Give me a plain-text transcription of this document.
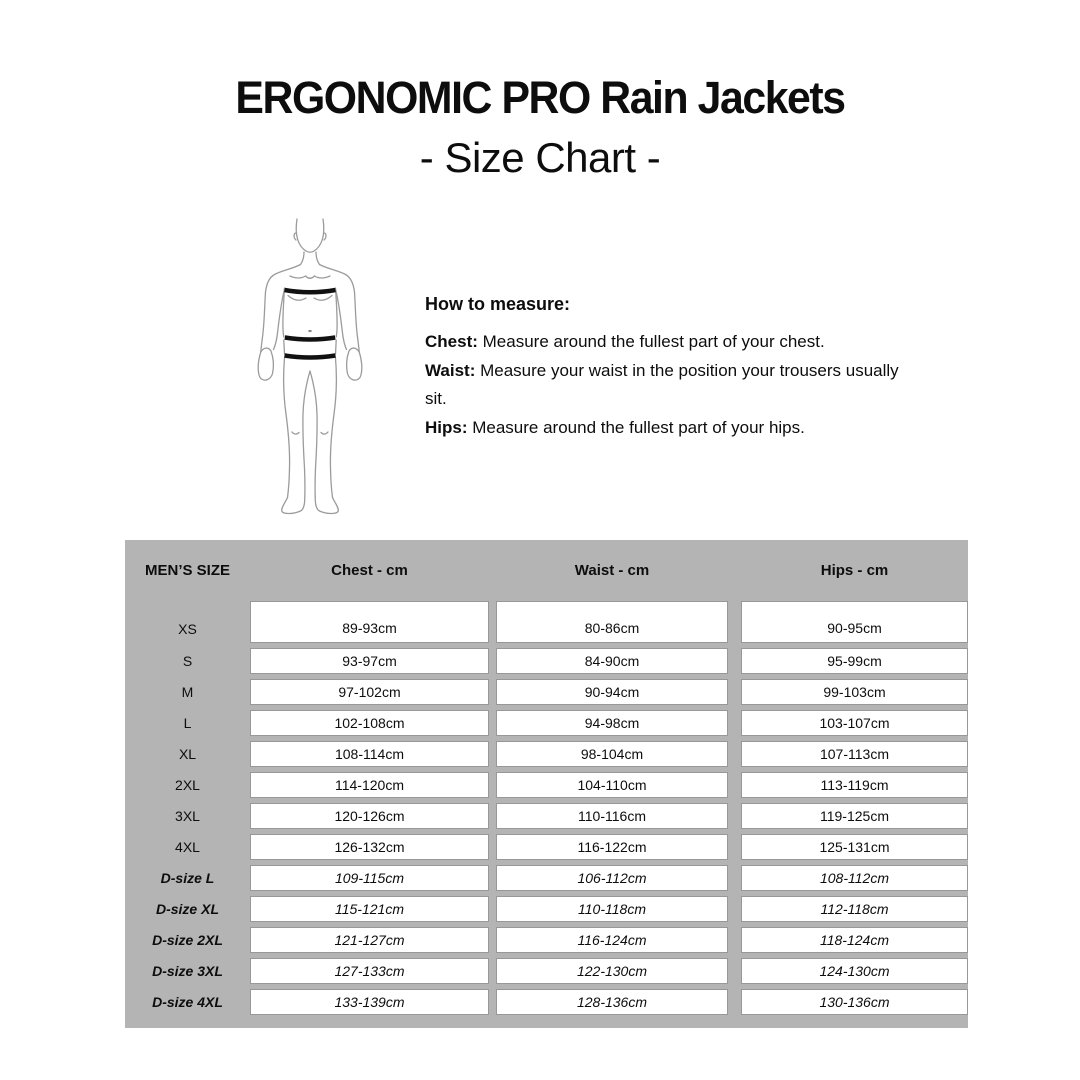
ERGONOMIC PRO Rain Jackets
- Size Chart -
How to measure:
Chest: Measure around the fullest part of your chest.
Waist: Measure your waist in the position your trousers usually sit.
Hips: Measure around the fullest part of your hips.
MEN’S SIZE	Chest - cm	Waist - cm	Hips - cm
XS	89-93cm	80-86cm	90-95cm
S	93-97cm	84-90cm	95-99cm
M	97-102cm	90-94cm	99-103cm
L	102-108cm	94-98cm	103-107cm
XL	108-114cm	98-104cm	107-113cm
2XL	114-120cm	104-110cm	113-119cm
3XL	120-126cm	110-116cm	119-125cm
4XL	126-132cm	116-122cm	125-131cm
D-size L	109-115cm	106-112cm	108-112cm
D-size XL	115-121cm	110-118cm	112-118cm
D-size 2XL	121-127cm	116-124cm	118-124cm
D-size 3XL	127-133cm	122-130cm	124-130cm
D-size 4XL	133-139cm	128-136cm	130-136cm
